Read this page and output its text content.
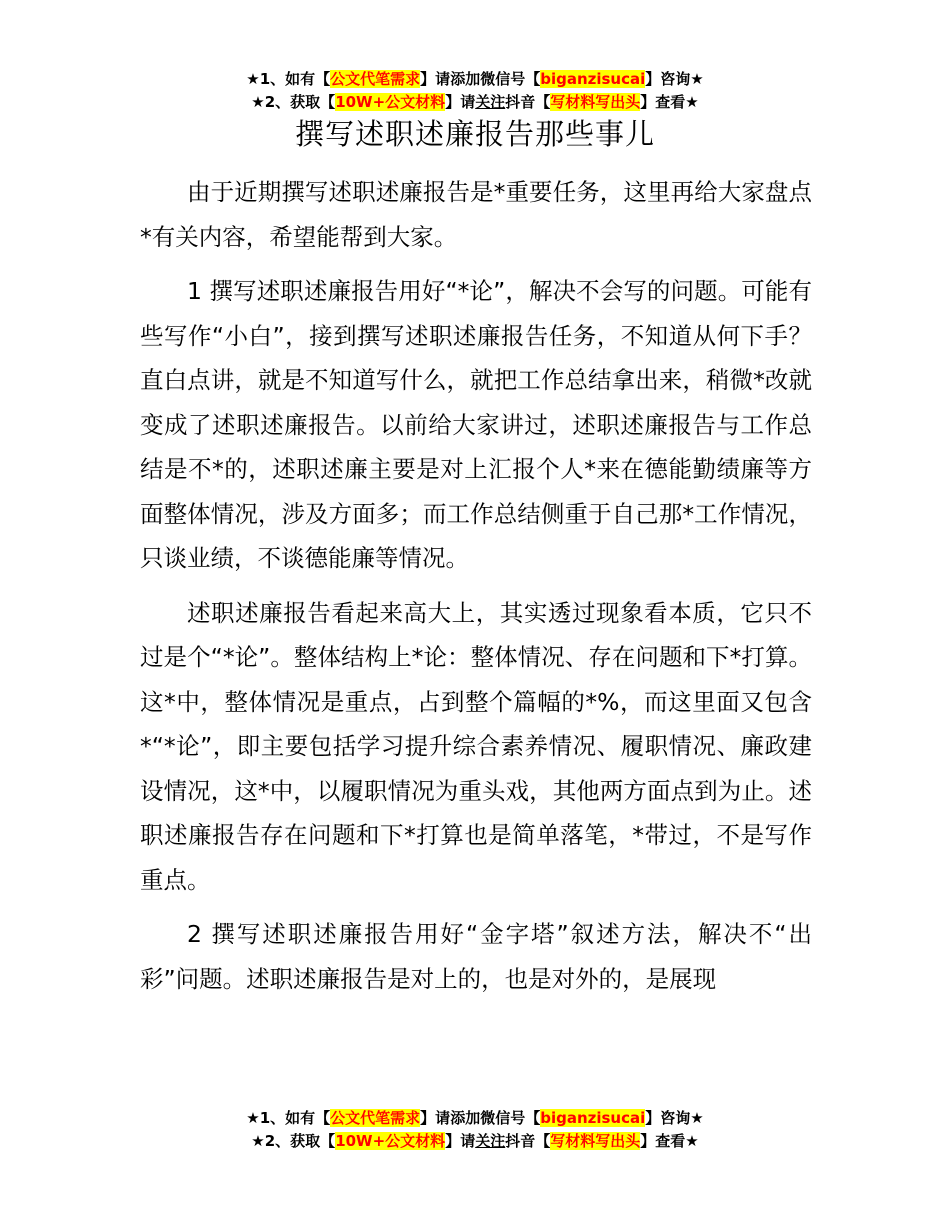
★1、如有【公文代笔需求】请添加微信号【biganzisucai】咨询★
★2、获取【10W+公文材料】请关注抖音【写材料写出头】查看★
撰写述职述廉报告那些事儿

由于近期撰写述职述廉报告是*重要任务，这里再给大家盘点*有关内容，希望能帮到大家。

1 撰写述职述廉报告用好“*论”，解决不会写的问题。可能有些写作“小白”，接到撰写述职述廉报告任务，不知道从何下手？直白点讲，就是不知道写什么，就把工作总结拿出来，稍微*改就变成了述职述廉报告。以前给大家讲过，述职述廉报告与工作总结是不*的，述职述廉主要是对上汇报个人*来在德能勤绩廉等方面整体情况，涉及方面多；而工作总结侧重于自己那*工作情况，只谈业绩，不谈德能廉等情况。

述职述廉报告看起来高大上，其实透过现象看本质，它只不过是个“*论”。整体结构上*论：整体情况、存在问题和下*打算。这*中，整体情况是重点，占到整个篇幅的*%，而这里面又包含*“*论”，即主要包括学习提升综合素养情况、履职情况、廉政建设情况，这*中，以履职情况为重头戏，其他两方面点到为止。述职述廉报告存在问题和下*打算也是简单落笔，*带过，不是写作重点。

2 撰写述职述廉报告用好“金字塔”叙述方法，解决不“出彩”问题。述职述廉报告是对上的，也是对外的，是展现

★1、如有【公文代笔需求】请添加微信号【biganzisucai】咨询★
★2、获取【10W+公文材料】请关注抖音【写材料写出头】查看★
